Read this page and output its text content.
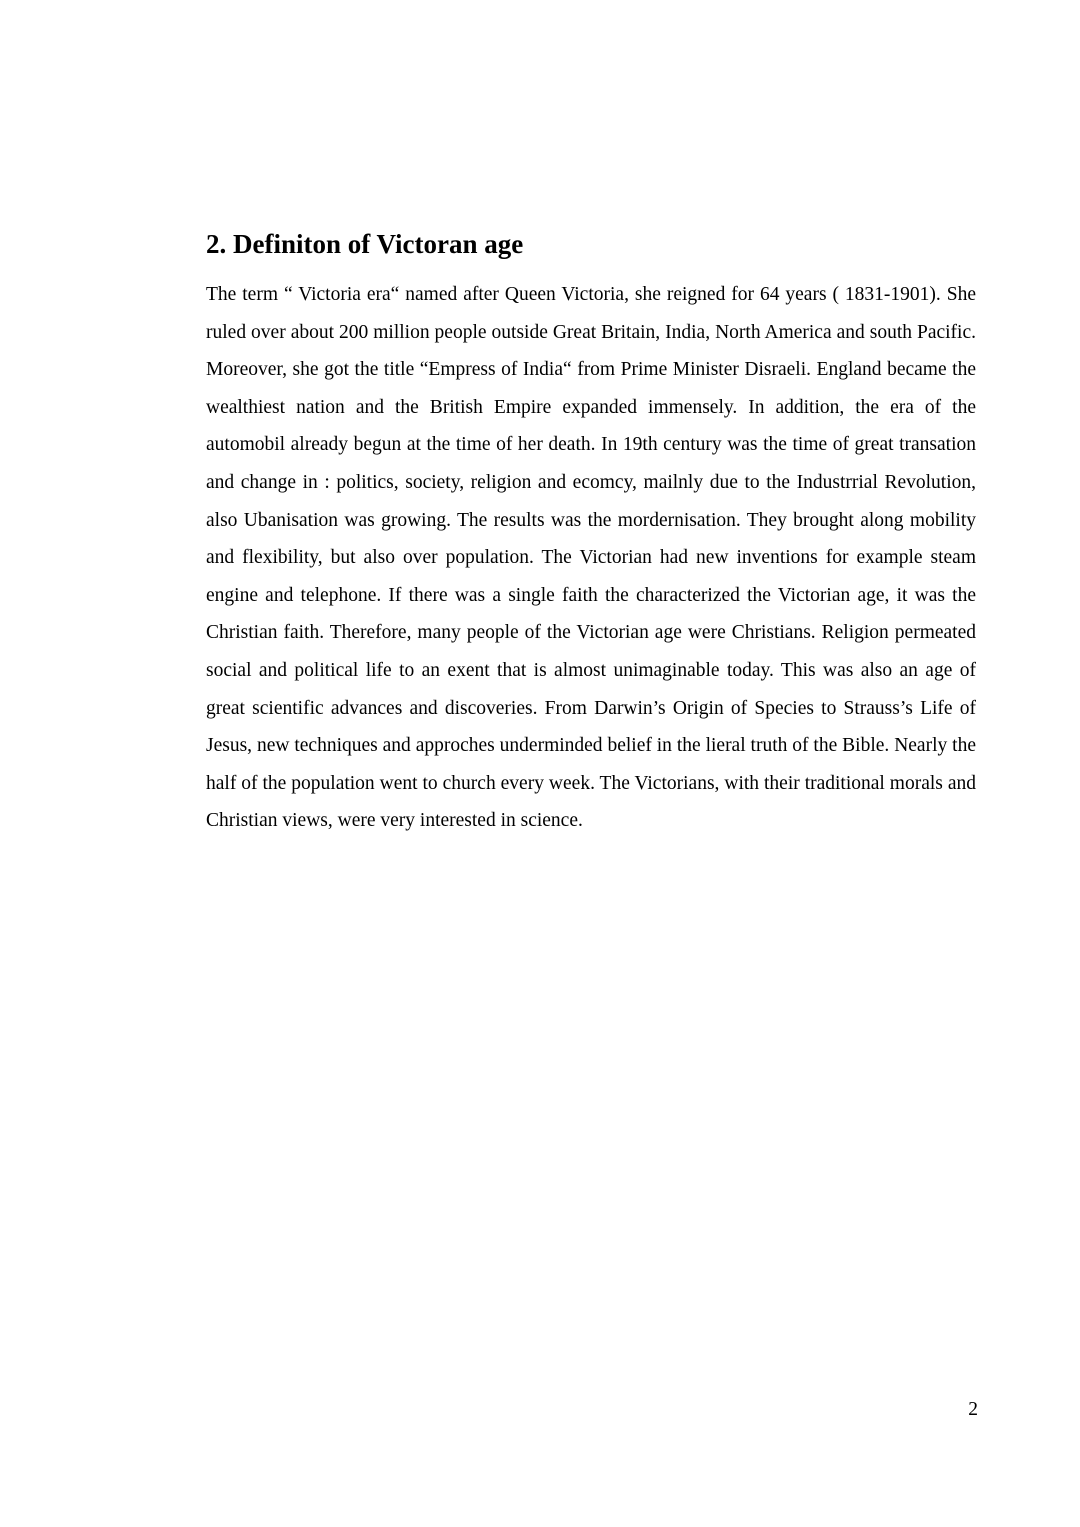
2. Definiton of Victoran age

The term “ Victoria era“ named after Queen Victoria, she reigned for 64 years ( 1831-1901). She ruled over about 200 million people outside Great Britain, India, North America and south Pacific. Moreover, she got the title “Empress of India“ from Prime Minister Disraeli. England became the wealthiest nation and the British Empire expanded immensely. In addition, the era of the automobil already begun at the time of her death. In 19th century was the time of great transation and change in : politics, society, religion and ecomcy, mailnly due to the Industrrial Revolution, also Ubanisation was growing. The results was the mordernisation. They brought along mobility and flexibility, but also over population. The Victorian had new inventions for example steam engine and telephone. If there was a single faith the characterized the Victorian age, it was the Christian faith. Therefore, many people of the Victorian age were Christians. Religion permeated social and political life to an exent that is almost unimaginable today. This was also an age of great scientific advances and discoveries. From Darwin’s Origin of Species to Strauss’s Life of Jesus, new techniques and approches underminded belief in the lieral truth of the Bible. Nearly the half of the population went to church every week. The Victorians, with their traditional morals and Christian views, were very interested in science.

2
